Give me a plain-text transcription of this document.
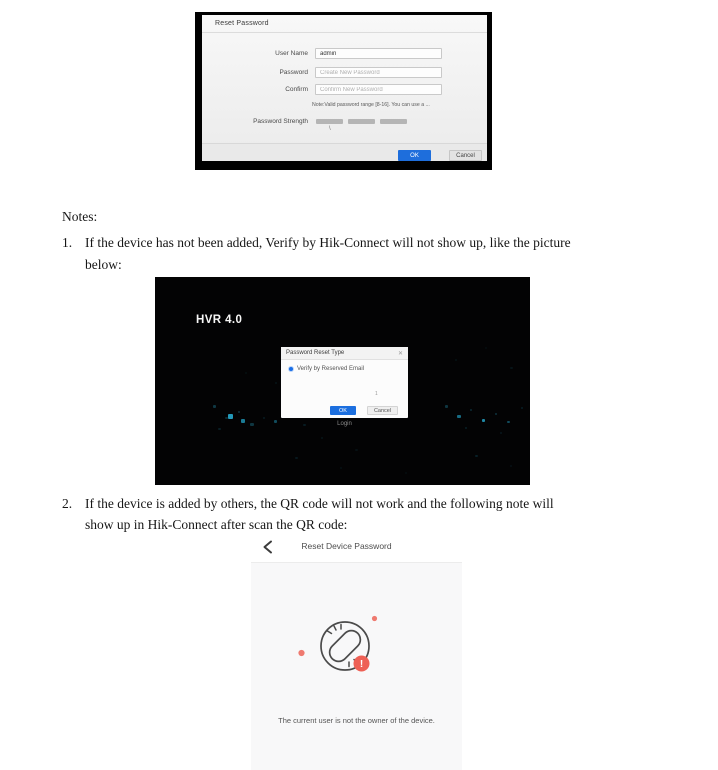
Reset Password
User Name
admin
Password
Create New Password
Confirm
Confirm New Password
Note:Valid password range [8-16]. You can use a ...
Password Strength
\
OK	Cancel
Notes:
1. If the device has not been added, Verify by Hik-Connect will not show up, like the picture
below:
2. If the device is added by others, the QR code will not work and the following note will
show up in Hik-Connect after scan the QR code:
HVR 4.0
Password Reset Type	✕
Verify by Reserved Email
1
OK	Cancel
Login
Reset Device Password
!
The current user is not the owner of the device.
